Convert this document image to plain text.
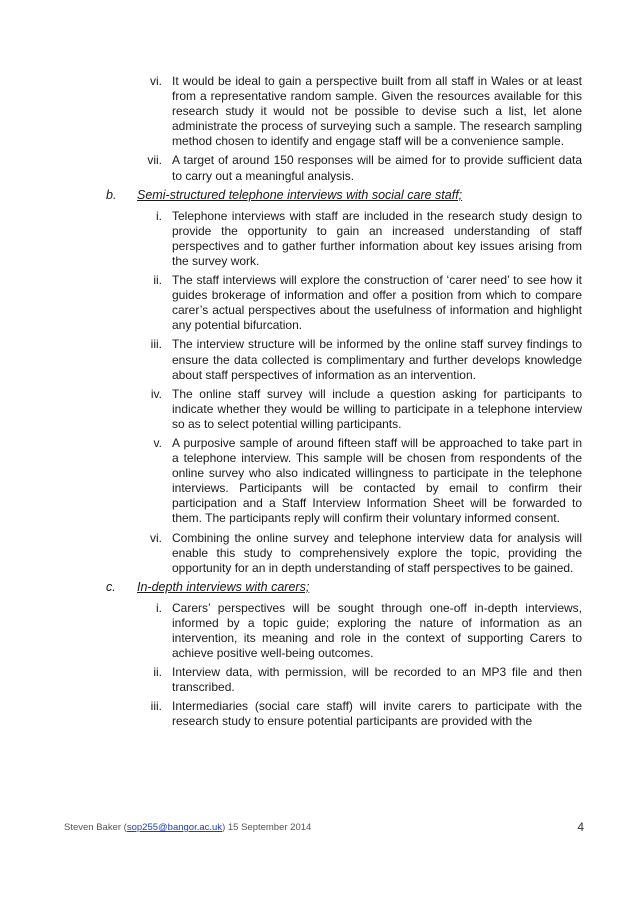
vi. It would be ideal to gain a perspective built from all staff in Wales or at least from a representative random sample. Given the resources available for this research study it would not be possible to devise such a list, let alone administrate the process of surveying such a sample. The research sampling method chosen to identify and engage staff will be a convenience sample.
vii. A target of around 150 responses will be aimed for to provide sufficient data to carry out a meaningful analysis.
b. Semi-structured telephone interviews with social care staff;
i. Telephone interviews with staff are included in the research study design to provide the opportunity to gain an increased understanding of staff perspectives and to gather further information about key issues arising from the survey work.
ii. The staff interviews will explore the construction of ‘carer need’ to see how it guides brokerage of information and offer a position from which to compare carer’s actual perspectives about the usefulness of information and highlight any potential bifurcation.
iii. The interview structure will be informed by the online staff survey findings to ensure the data collected is complimentary and further develops knowledge about staff perspectives of information as an intervention.
iv. The online staff survey will include a question asking for participants to indicate whether they would be willing to participate in a telephone interview so as to select potential willing participants.
v. A purposive sample of around fifteen staff will be approached to take part in a telephone interview. This sample will be chosen from respondents of the online survey who also indicated willingness to participate in the telephone interviews. Participants will be contacted by email to confirm their participation and a Staff Interview Information Sheet will be forwarded to them. The participants reply will confirm their voluntary informed consent.
vi. Combining the online survey and telephone interview data for analysis will enable this study to comprehensively explore the topic, providing the opportunity for an in depth understanding of staff perspectives to be gained.
c. In-depth interviews with carers;
i. Carers’ perspectives will be sought through one-off in-depth interviews, informed by a topic guide; exploring the nature of information as an intervention, its meaning and role in the context of supporting Carers to achieve positive well-being outcomes.
ii. Interview data, with permission, will be recorded to an MP3 file and then transcribed.
iii. Intermediaries (social care staff) will invite carers to participate with the research study to ensure potential participants are provided with the
Steven Baker (sop255@bangor.ac.uk) 15 September 2014	4
